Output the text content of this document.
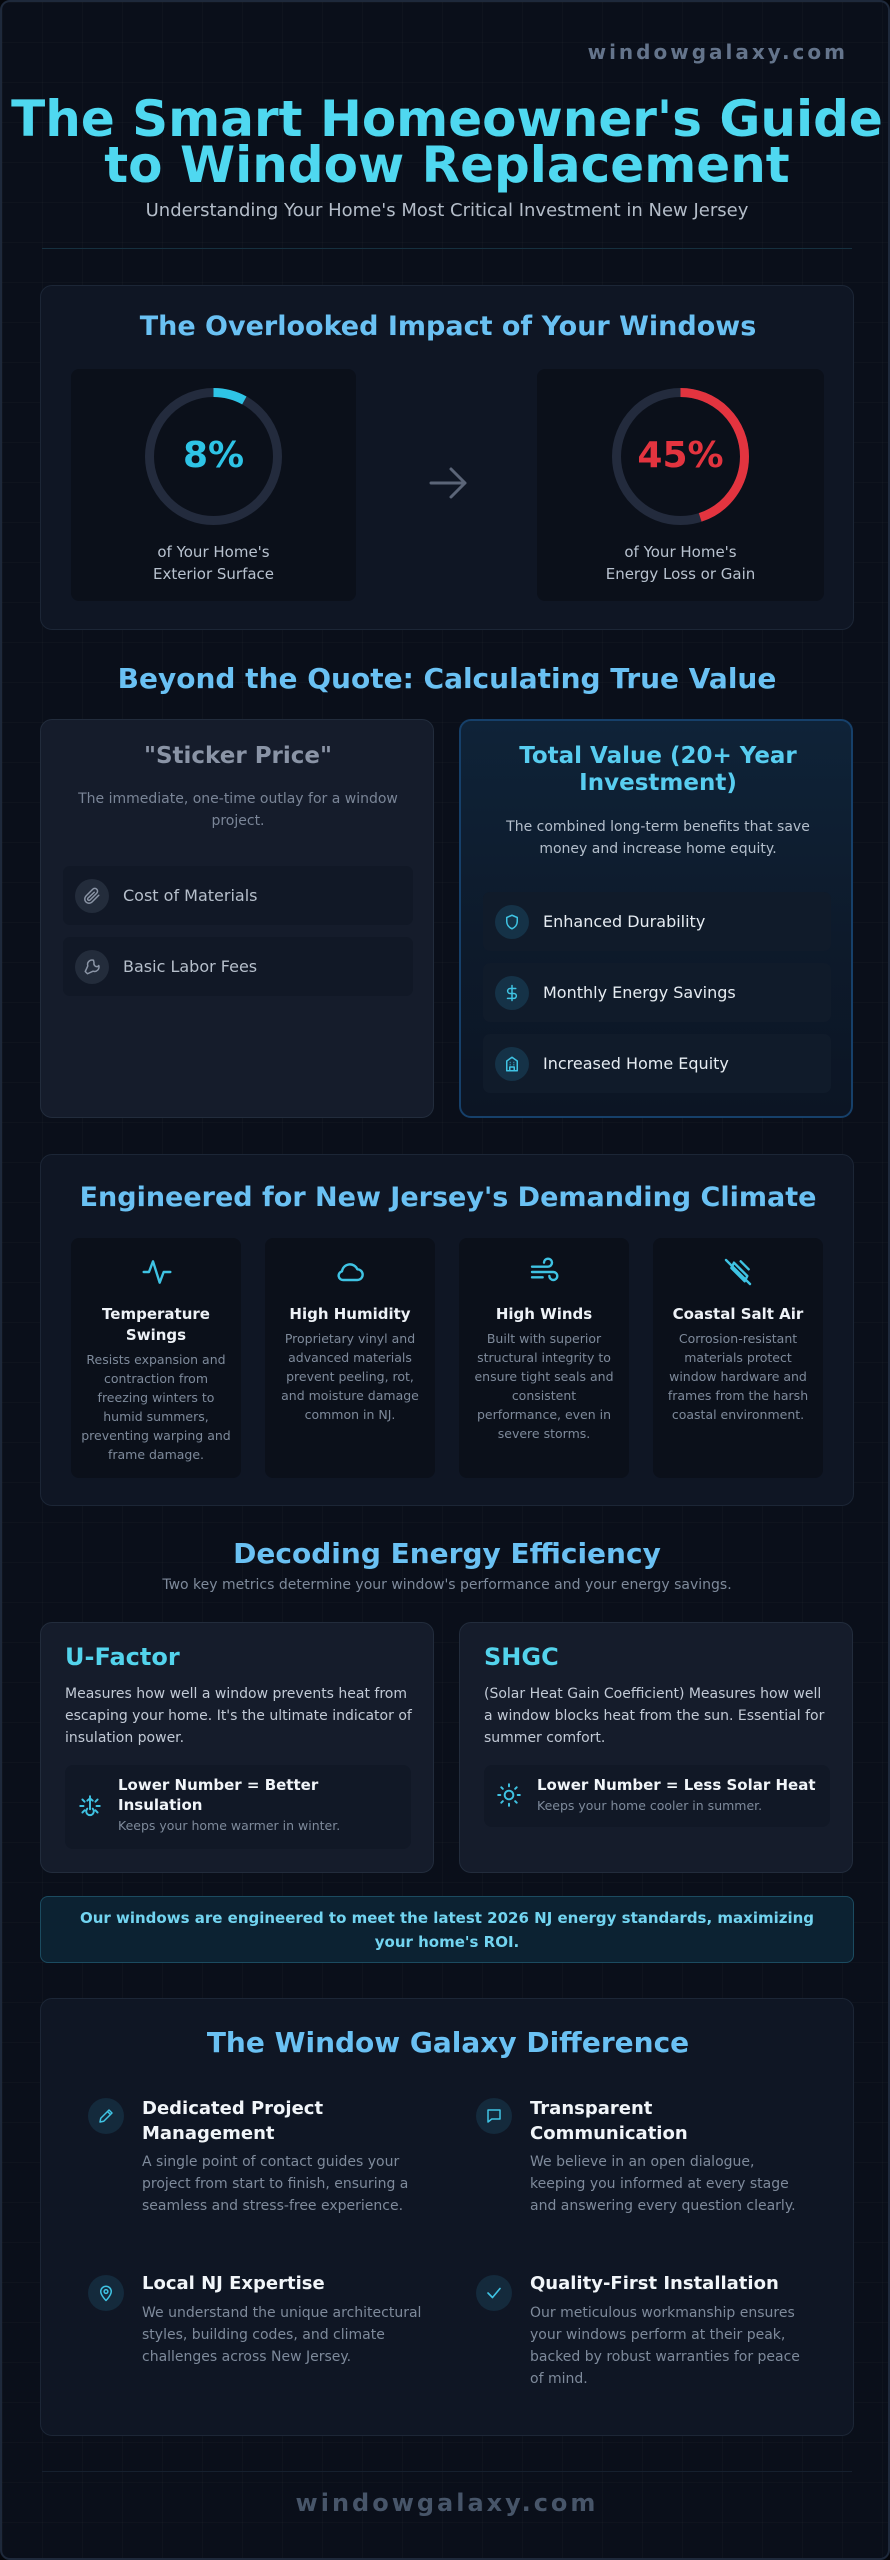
windowgalaxy.com
The Smart Homeowner's Guide
to Window Replacement
Understanding Your Home's Most Critical Investment in New Jersey
The Overlooked Impact of Your Windows
8%
of Your Home's
Exterior Surface
45%
of Your Home's
Energy Loss or Gain
Beyond the Quote: Calculating True Value
"Sticker Price"
The immediate, one-time outlay for a window project.
Cost of Materials
Basic Labor Fees
Total Value (20+ Year Investment)
The combined long-term benefits that save money and increase home equity.
Enhanced Durability
Monthly Energy Savings
Increased Home Equity
Engineered for New Jersey's Demanding Climate
Temperature Swings
Resists expansion and contraction from freezing winters to humid summers, preventing warping and frame damage.
High Humidity
Proprietary vinyl and advanced materials prevent peeling, rot, and moisture damage common in NJ.
High Winds
Built with superior structural integrity to ensure tight seals and consistent performance, even in severe storms.
Coastal Salt Air
Corrosion-resistant materials protect window hardware and frames from the harsh coastal environment.
Decoding Energy Efficiency
Two key metrics determine your window's performance and your energy savings.
U-Factor
Measures how well a window prevents heat from escaping your home. It's the ultimate indicator of insulation power.
Lower Number = Better Insulation
Keeps your home warmer in winter.
SHGC
(Solar Heat Gain Coefficient) Measures how well a window blocks heat from the sun. Essential for summer comfort.
Lower Number = Less Solar Heat
Keeps your home cooler in summer.
Our windows are engineered to meet the latest 2026 NJ energy standards, maximizing your home's ROI.
The Window Galaxy Difference
Dedicated Project Management
A single point of contact guides your project from start to finish, ensuring a seamless and stress-free experience.
Transparent Communication
We believe in an open dialogue, keeping you informed at every stage and answering every question clearly.
Local NJ Expertise
We understand the unique architectural styles, building codes, and climate challenges across New Jersey.
Quality-First Installation
Our meticulous workmanship ensures your windows perform at their peak, backed by robust warranties for peace of mind.
windowgalaxy.com
